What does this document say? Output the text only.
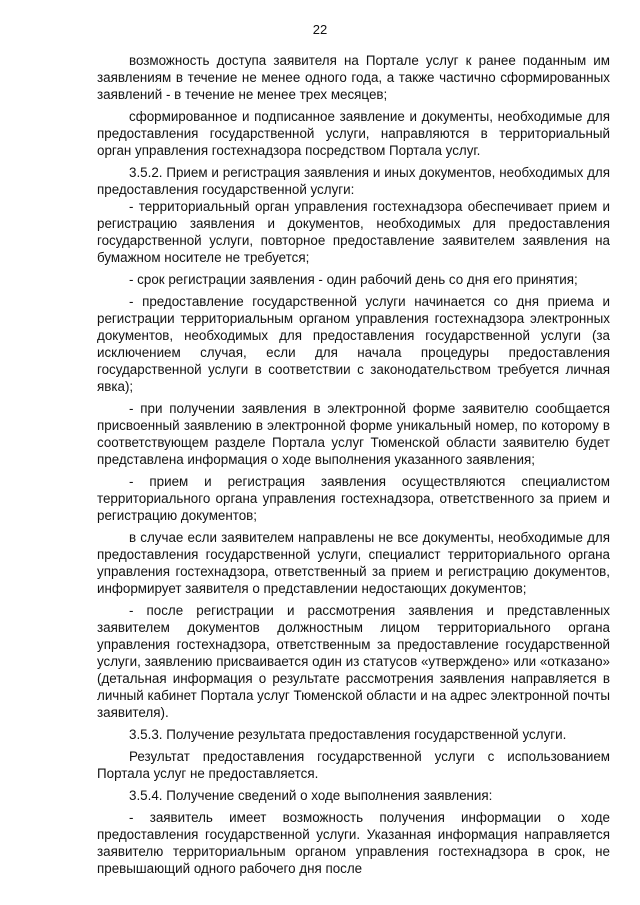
22

возможность доступа заявителя на Портале услуг к ранее поданным им заявлениям в течение не менее одного года, а также частично сформированных заявлений - в течение не менее трех месяцев;

сформированное и подписанное заявление и документы, необходимые для предоставления государственной услуги, направляются в территориальный орган управления гостехнадзора посредством Портала услуг.

3.5.2. Прием и регистрация заявления и иных документов, необходимых для предоставления государственной услуги:

- территориальный орган управления гостехнадзора обеспечивает прием и регистрацию заявления и документов, необходимых для предоставления государственной услуги, повторное предоставление заявителем заявления на бумажном носителе не требуется;

- срок регистрации заявления - один рабочий день со дня его принятия;

- предоставление государственной услуги начинается со дня приема и регистрации территориальным органом управления гостехнадзора электронных документов, необходимых для предоставления государственной услуги (за исключением случая, если для начала процедуры предоставления государственной услуги в соответствии с законодательством требуется личная явка);

- при получении заявления в электронной форме заявителю сообщается присвоенный заявлению в электронной форме уникальный номер, по которому в соответствующем разделе Портала услуг Тюменской области заявителю будет представлена информация о ходе выполнения указанного заявления;

- прием и регистрация заявления осуществляются специалистом территориального органа управления гостехнадзора, ответственного за прием и регистрацию документов;

в случае если заявителем направлены не все документы, необходимые для предоставления государственной услуги, специалист территориального органа управления гостехнадзора, ответственный за прием и регистрацию документов, информирует заявителя о представлении недостающих документов;

- после регистрации и рассмотрения заявления и представленных заявителем документов должностным лицом территориального органа управления гостехнадзора, ответственным за предоставление государственной услуги, заявлению присваивается один из статусов «утверждено» или «отказано» (детальная информация о результате рассмотрения заявления направляется в личный кабинет Портала услуг Тюменской области и на адрес электронной почты заявителя).

3.5.3. Получение результата предоставления государственной услуги.

Результат предоставления государственной услуги с использованием Портала услуг не предоставляется.

3.5.4. Получение сведений о ходе выполнения заявления:

- заявитель имеет возможность получения информации о ходе предоставления государственной услуги. Указанная информация направляется заявителю территориальным органом управления гостехнадзора в срок, не превышающий одного рабочего дня после
